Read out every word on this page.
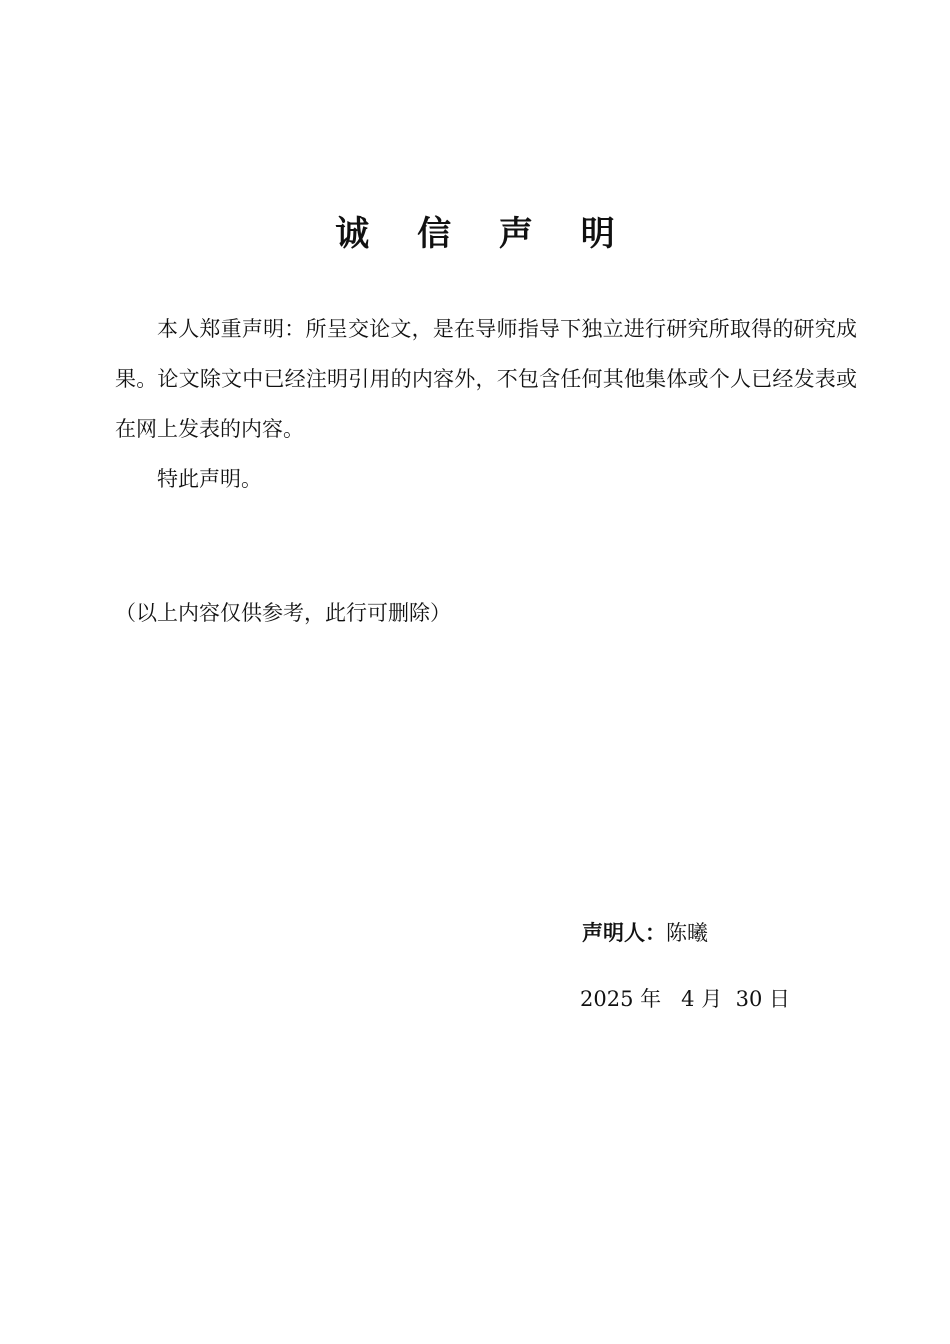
诚 信 声 明

本人郑重声明：所呈交论文，是在导师指导下独立进行研究所取得的研究成果。论文除文中已经注明引用的内容外，不包含任何其他集体或个人已经发表或在网上发表的内容。

特此声明。

（以上内容仅供参考，此行可删除）

声明人：陈曦
2025 年 4 月 30 日
